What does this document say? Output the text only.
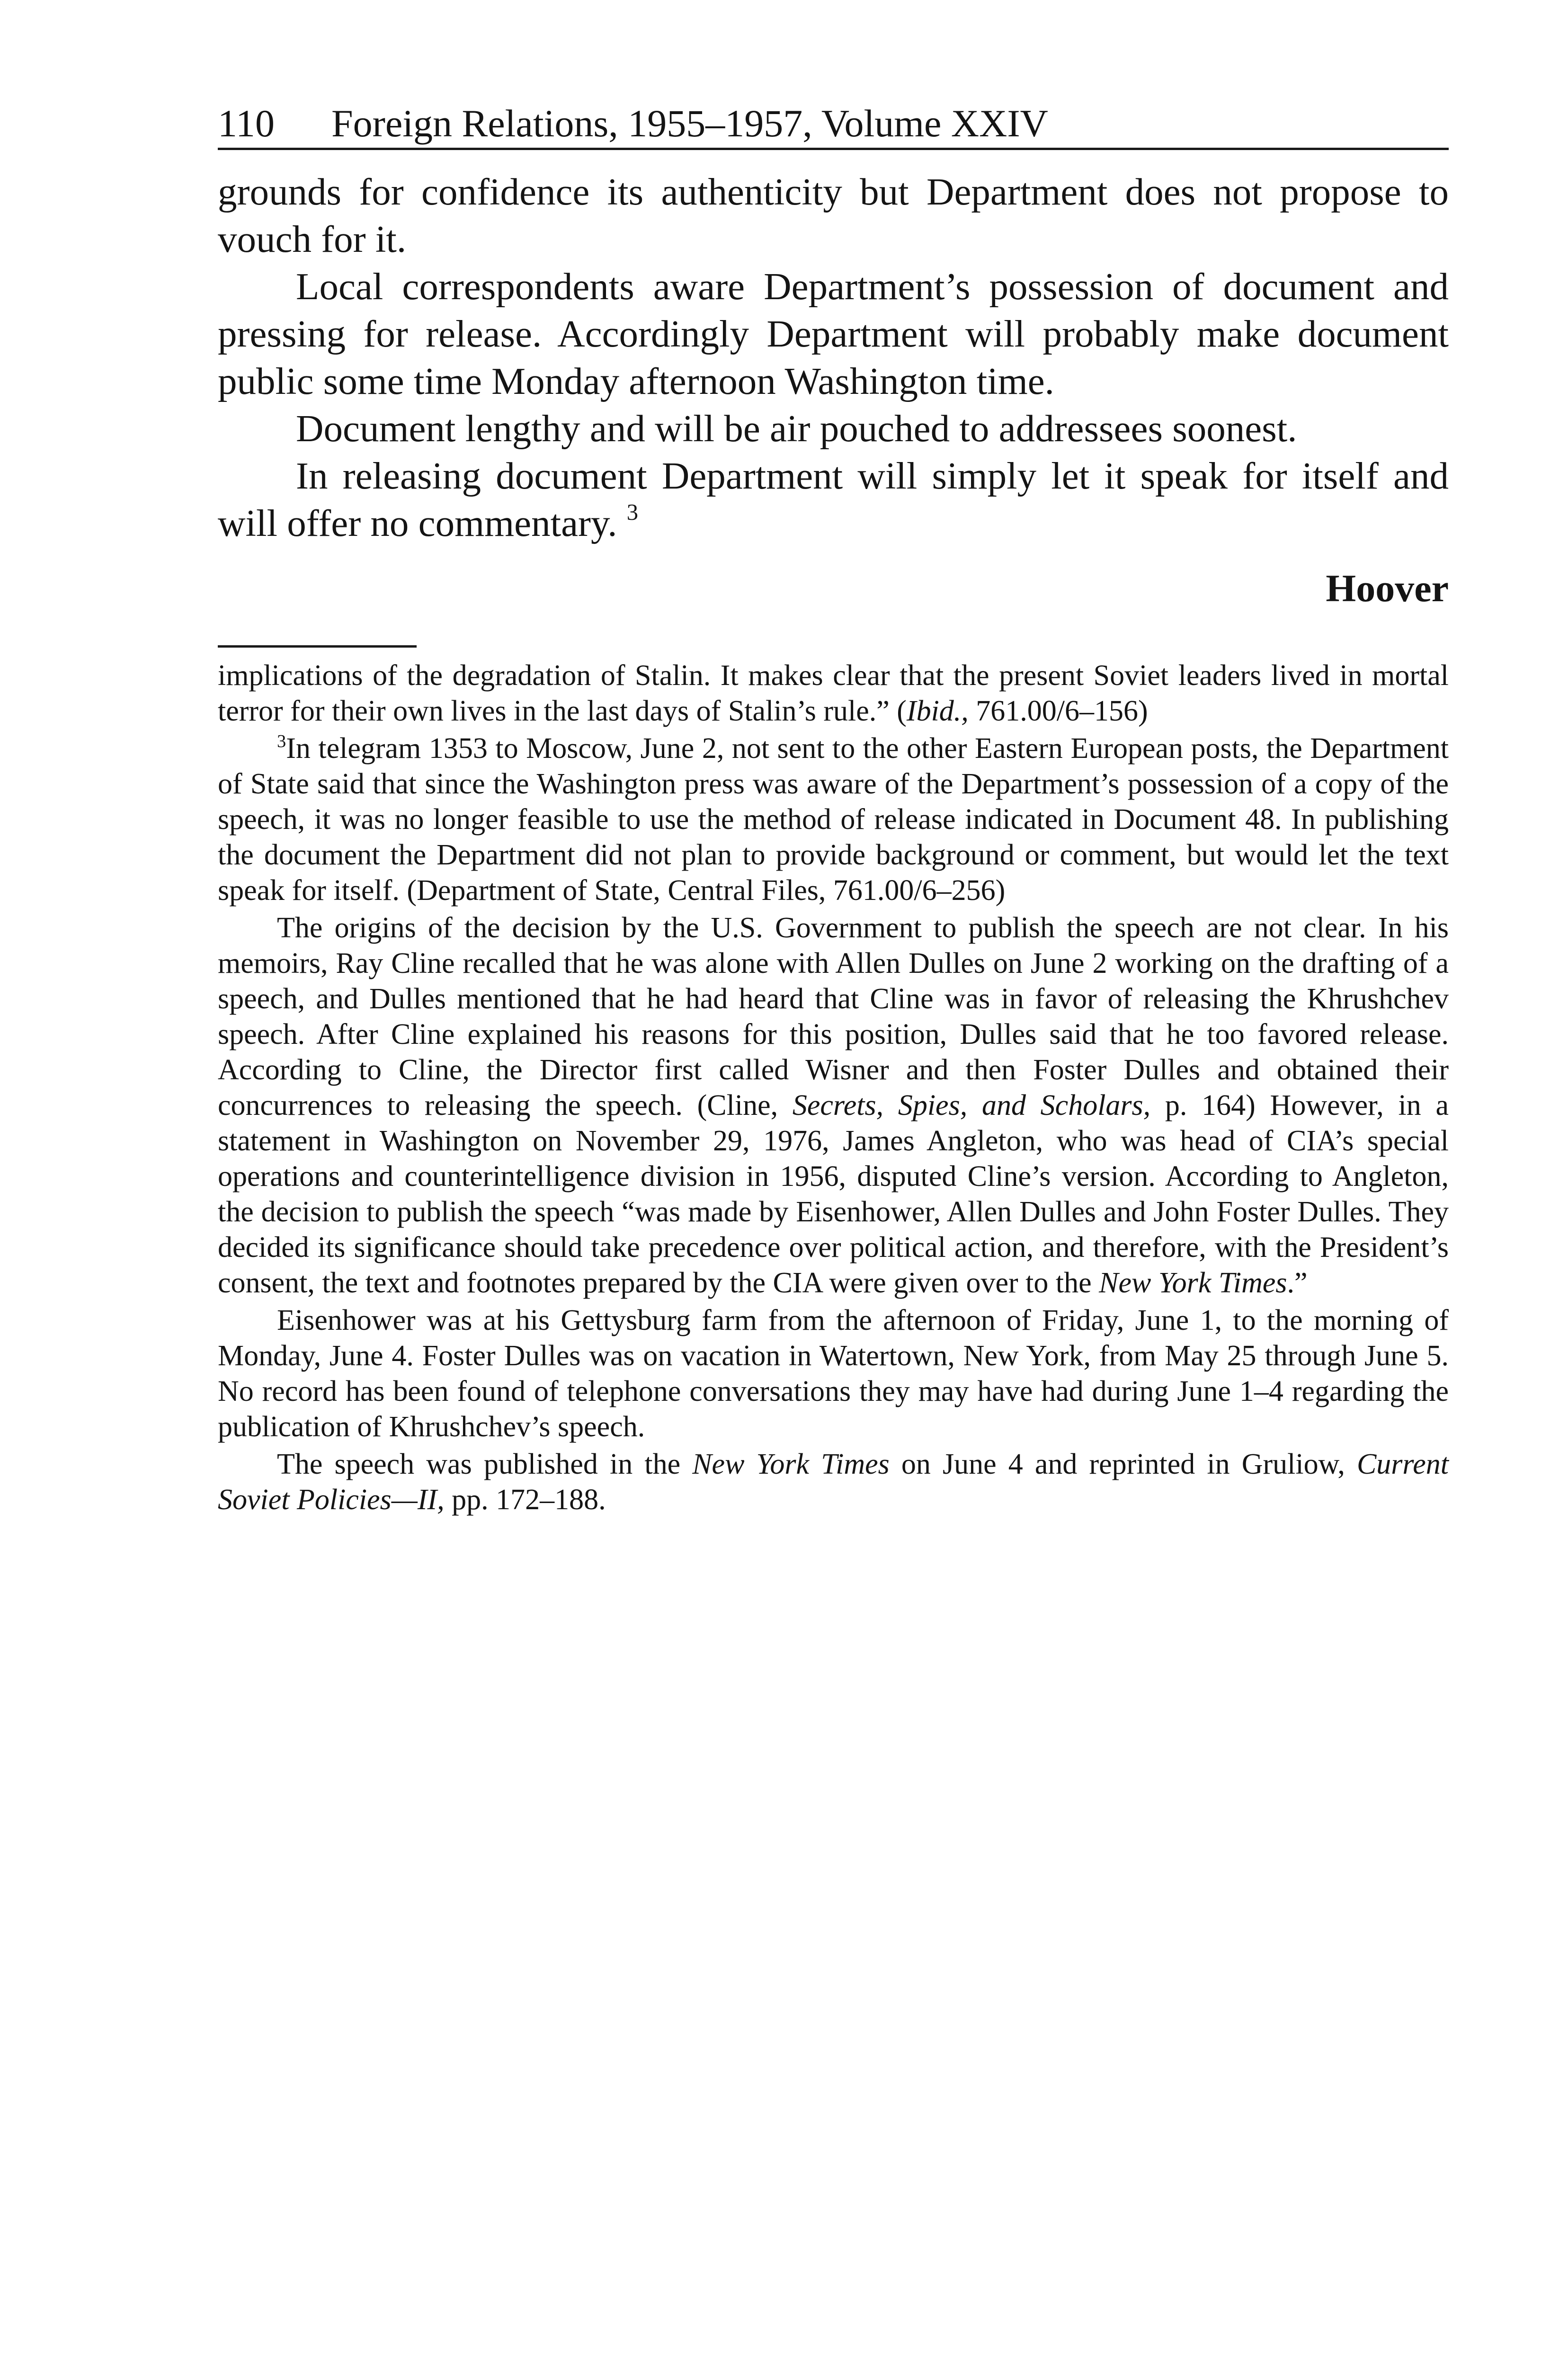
110 Foreign Relations, 1955–1957, Volume XXIV

grounds for confidence its authenticity but Department does not propose to vouch for it.

Local correspondents aware Department’s possession of document and pressing for release. Accordingly Department will probably make document public some time Monday afternoon Washington time.

Document lengthy and will be air pouched to addressees soonest.

In releasing document Department will simply let it speak for itself and will offer no commentary. $^3$

Hoover

implications of the degradation of Stalin. It makes clear that the present Soviet leaders lived in mortal terror for their own lives in the last days of Stalin’s rule.” (Ibid., 761.00/6–156)

$^3$In telegram 1353 to Moscow, June 2, not sent to the other Eastern European posts, the Department of State said that since the Washington press was aware of the Department’s possession of a copy of the speech, it was no longer feasible to use the method of release indicated in Document 48. In publishing the document the Department did not plan to provide background or comment, but would let the text speak for itself. (Department of State, Central Files, 761.00/6–256)

The origins of the decision by the U.S. Government to publish the speech are not clear. In his memoirs, Ray Cline recalled that he was alone with Allen Dulles on June 2 working on the drafting of a speech, and Dulles mentioned that he had heard that Cline was in favor of releasing the Khrushchev speech. After Cline explained his reasons for this position, Dulles said that he too favored release. According to Cline, the Director first called Wisner and then Foster Dulles and obtained their concurrences to releasing the speech. (Cline, Secrets, Spies, and Scholars, p. 164) However, in a statement in Washington on November 29, 1976, James Angleton, who was head of CIA’s special operations and counterintelligence division in 1956, disputed Cline’s version. According to Angleton, the decision to publish the speech “was made by Eisenhower, Allen Dulles and John Foster Dulles. They decided its significance should take precedence over political action, and therefore, with the President’s consent, the text and footnotes prepared by the CIA were given over to the New York Times.”

Eisenhower was at his Gettysburg farm from the afternoon of Friday, June 1, to the morning of Monday, June 4. Foster Dulles was on vacation in Watertown, New York, from May 25 through June 5. No record has been found of telephone conversations they may have had during June 1–4 regarding the publication of Khrushchev’s speech.

The speech was published in the New York Times on June 4 and reprinted in Gruliow, Current Soviet Policies—II, pp. 172–188.
